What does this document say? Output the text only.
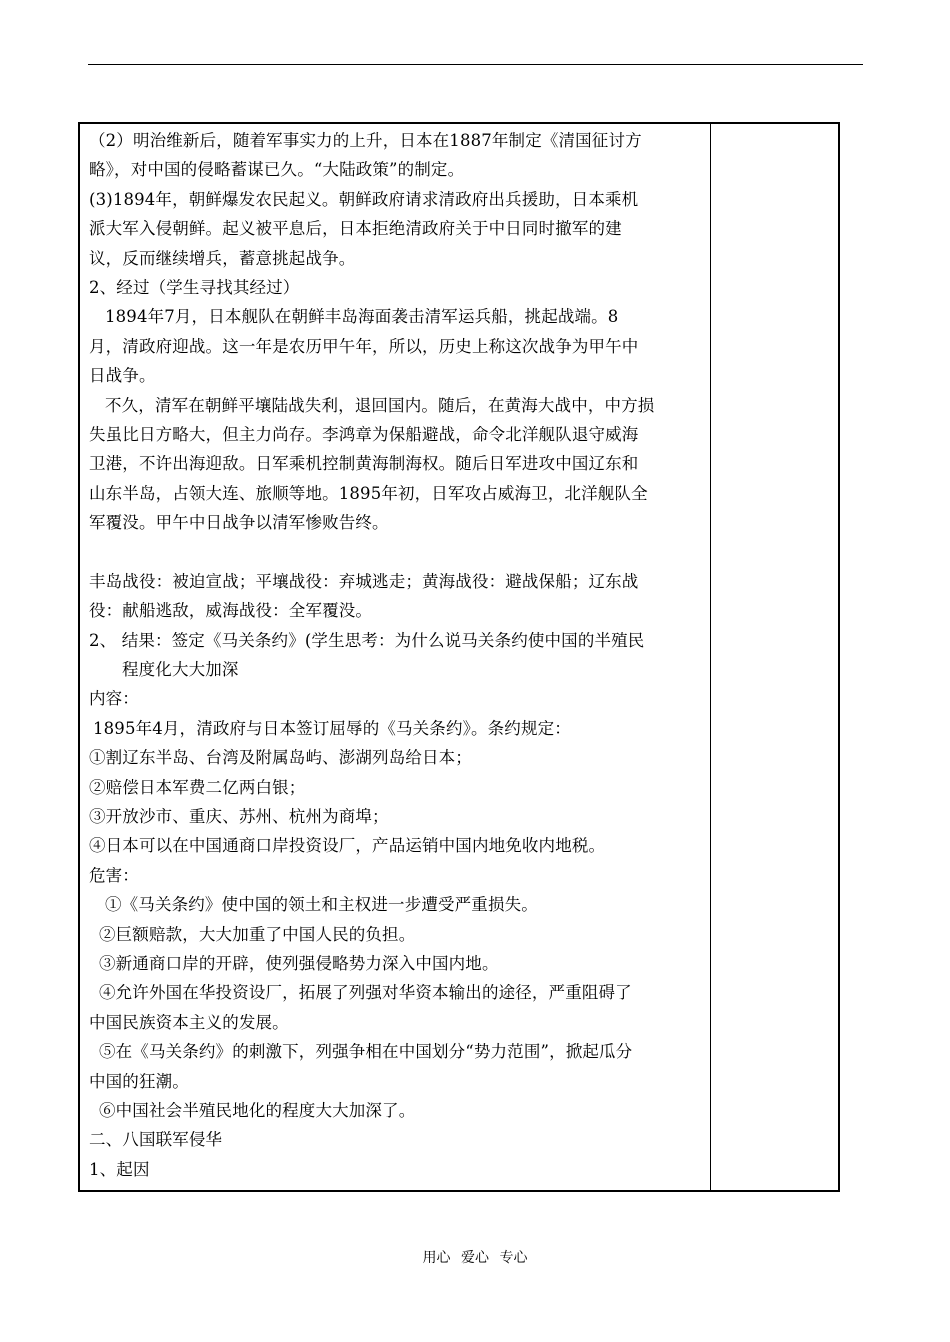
（2）明治维新后，随着军事实力的上升，日本在1887年制定《清国征讨方
略》，对中国的侵略蓄谋已久。“大陆政策”的制定。
(3)1894年，朝鲜爆发农民起义。朝鲜政府请求清政府出兵援助，日本乘机
派大军入侵朝鲜。起义被平息后，日本拒绝清政府关于中日同时撤军的建
议，反而继续增兵，蓄意挑起战争。
2、经过（学生寻找其经过）
1894年7月，日本舰队在朝鲜丰岛海面袭击清军运兵船，挑起战端。8
月，清政府迎战。这一年是农历甲午年，所以，历史上称这次战争为甲午中
日战争。
不久，清军在朝鲜平壤陆战失利，退回国内。随后，在黄海大战中，中方损
失虽比日方略大，但主力尚存。李鸿章为保船避战，命令北洋舰队退守威海
卫港，不许出海迎敌。日军乘机控制黄海制海权。随后日军进攻中国辽东和
山东半岛，占领大连、旅顺等地。1895年初，日军攻占威海卫，北洋舰队全
军覆没。甲午中日战争以清军惨败告终。
丰岛战役：被迫宣战；平壤战役：弃城逃走；黄海战役：避战保船；辽东战
役：献船逃敌，威海战役：全军覆没。
2、 结果：签定《马关条约》(学生思考：为什么说马关条约使中国的半殖民
程度化大大加深
内容：
1895年4月，清政府与日本签订屈辱的《马关条约》。条约规定：
①割辽东半岛、台湾及附属岛屿、澎湖列岛给日本；
②赔偿日本军费二亿两白银；
③开放沙市、重庆、苏州、杭州为商埠；
④日本可以在中国通商口岸投资设厂，产品运销中国内地免收内地税。
危害：
①《马关条约》使中国的领土和主权进一步遭受严重损失。
②巨额赔款，大大加重了中国人民的负担。
③新通商口岸的开辟，使列强侵略势力深入中国内地。
④允许外国在华投资设厂，拓展了列强对华资本输出的途径，严重阻碍了
中国民族资本主义的发展。
⑤在《马关条约》的刺激下，列强争相在中国划分“势力范围”，掀起瓜分
中国的狂潮。
⑥中国社会半殖民地化的程度大大加深了。
二、八国联军侵华
1、起因
用心 爱心 专心
